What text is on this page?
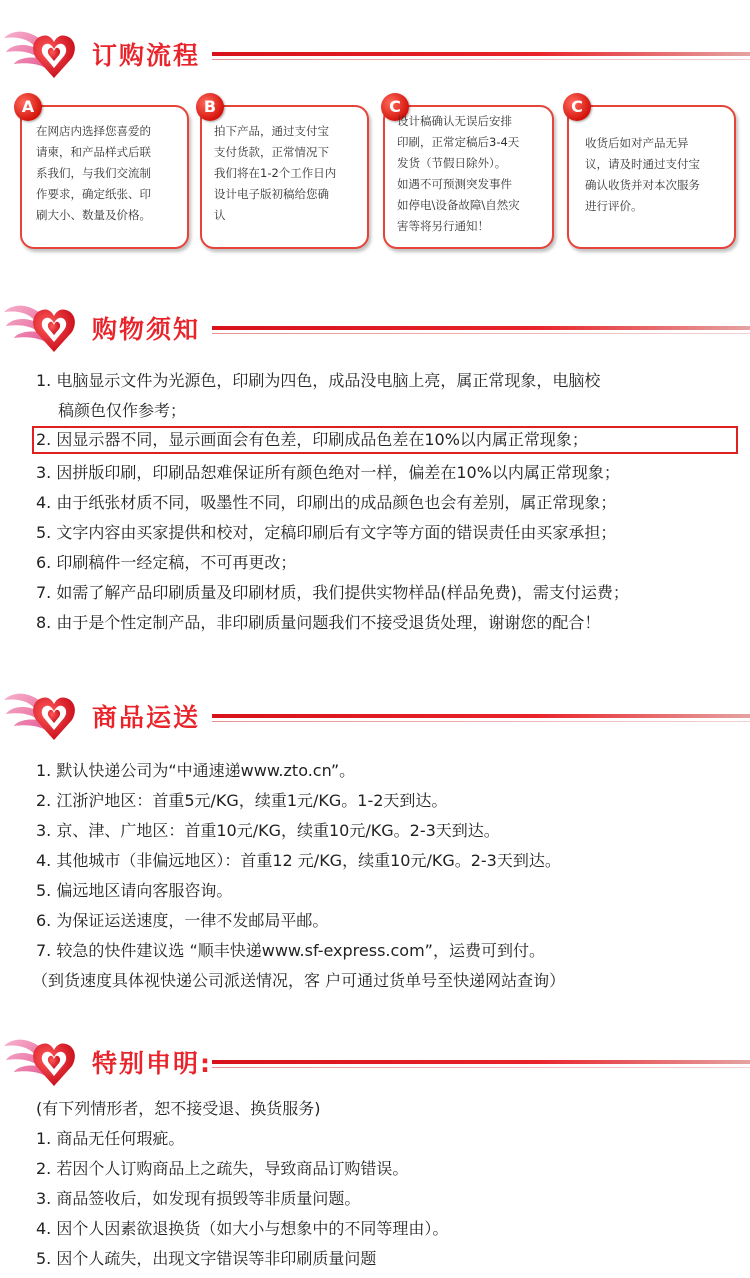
订购流程
A
在网店内选择您喜爱的
请柬，和产品样式后联
系我们，与我们交流制
作要求，确定纸张、印
刷大小、数量及价格。
B
拍下产品，通过支付宝
支付货款，正常情况下
我们将在1-2个工作日内
设计电子版初稿给您确
认
C
设计稿确认无误后安排
印刷，正常定稿后3-4天
发货（节假日除外）。
如遇不可预测突发事件
如停电\设备故障\自然灾
害等将另行通知！
C
收货后如对产品无异
议，请及时通过支付宝
确认收货并对本次服务
进行评价。
购物须知
1. 电脑显示文件为光源色，印刷为四色，成品没电脑上亮，属正常现象，电脑校
稿颜色仅作参考；
2. 因显示器不同，显示画面会有色差，印刷成品色差在10%以内属正常现象；
3. 因拼版印刷，印刷品恕难保证所有颜色绝对一样，偏差在10%以内属正常现象；
4. 由于纸张材质不同，吸墨性不同，印刷出的成品颜色也会有差别，属正常现象；
5. 文字内容由买家提供和校对，定稿印刷后有文字等方面的错误责任由买家承担；
6. 印刷稿件一经定稿，不可再更改；
7. 如需了解产品印刷质量及印刷材质，我们提供实物样品(样品免费)，需支付运费；
8. 由于是个性定制产品，非印刷质量问题我们不接受退货处理，谢谢您的配合！
商品运送
1. 默认快递公司为“中通速递www.zto.cn”。
2. 江浙沪地区：首重5元/KG，续重1元/KG。1-2天到达。
3. 京、津、广地区：首重10元/KG，续重10元/KG。2-3天到达。
4. 其他城市（非偏远地区）：首重12 元/KG，续重10元/KG。2-3天到达。
5. 偏远地区请向客服咨询。
6. 为保证运送速度，一律不发邮局平邮。
7. 较急的快件建议选 “顺丰快递www.sf-express.com”，运费可到付。
（到货速度具体视快递公司派送情况，客 户可通过货单号至快递网站查询）
特别申明:
(有下列情形者，恕不接受退、换货服务)
1. 商品无任何瑕疵。
2. 若因个人订购商品上之疏失，导致商品订购错误。
3. 商品签收后，如发现有损毁等非质量问题。
4. 因个人因素欲退换货（如大小与想象中的不同等理由）。
5. 因个人疏失，出现文字错误等非印刷质量问题
